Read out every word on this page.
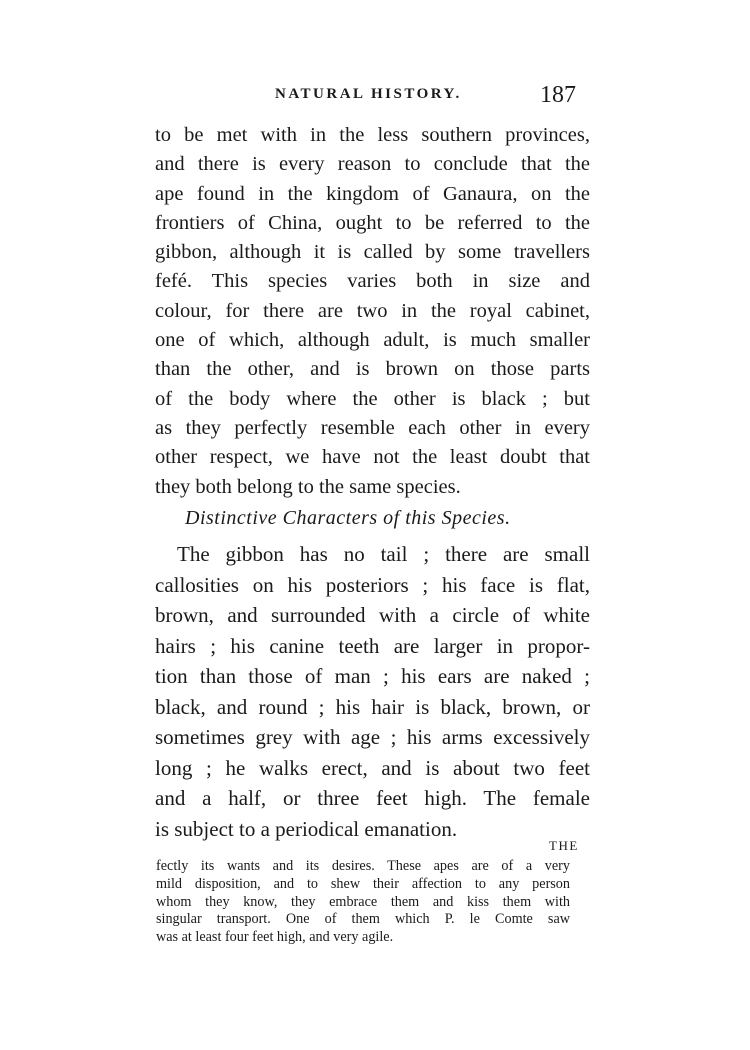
NATURAL HISTORY.	187
to be met with in the less southern provinces,
and there is every reason to conclude that the
ape found in the kingdom of Ganaura, on the
frontiers of China, ought to be referred to the
gibbon, although it is called by some travellers
fefé. This species varies both in size and
colour, for there are two in the royal cabinet,
one of which, although adult, is much smaller
than the other, and is brown on those parts
of the body where the other is black ; but
as they perfectly resemble each other in every
other respect, we have not the least doubt that
they both belong to the same species.
Distinctive Characters of this Species.
The gibbon has no tail ; there are small
callosities on his posteriors ; his face is flat,
brown, and surrounded with a circle of white
hairs ; his canine teeth are larger in propor-
tion than those of man ; his ears are naked ;
black, and round ; his hair is black, brown, or
sometimes grey with age ; his arms excessively
long ; he walks erect, and is about two feet
and a half, or three feet high. The female
is subject to a periodical emanation.
THE
fectly its wants and its desires. These apes are of a very
mild disposition, and to shew their affection to any person
whom they know, they embrace them and kiss them with
singular transport. One of them which P. le Comte saw
was at least four feet high, and very agile.
